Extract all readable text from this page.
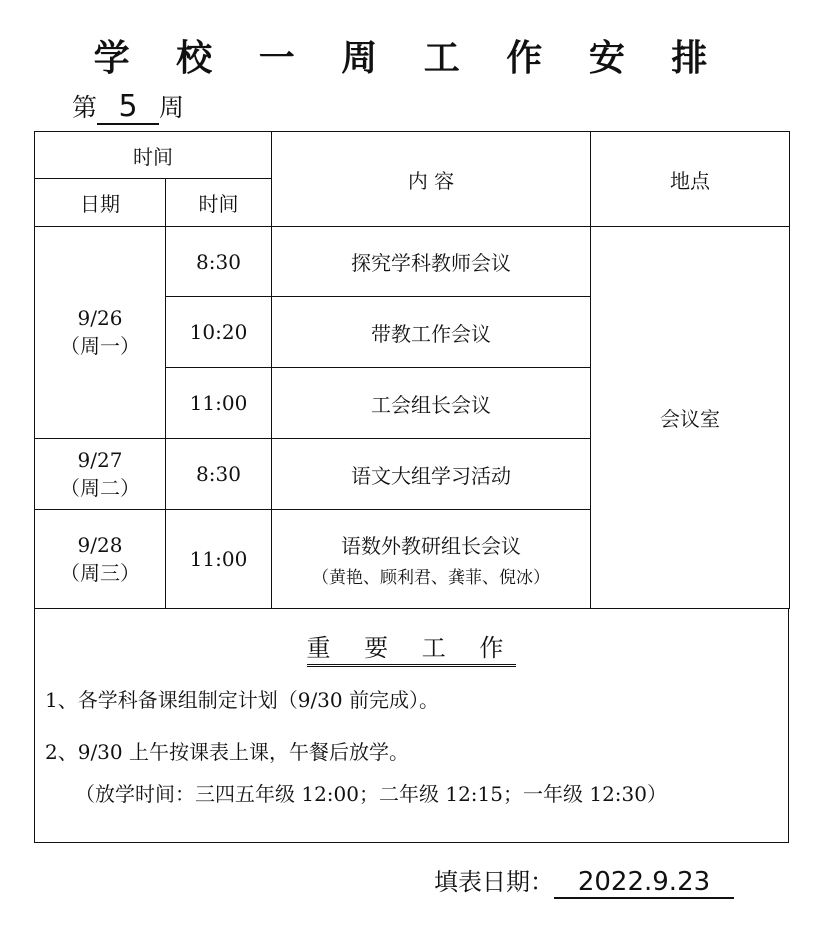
学 校 一 周 工 作 安 排
第 5 周
时间		内 容	地点
日期	时间		
9/26
（周一）	8:30	探究学科教师会议	会议室
	10:20	带教工作会议	
	11:00	工会组长会议	
9/27
（周二）	8:30	语文大组学习活动	
9/28
（周三）	11:00	语数外教研组长会议
（黄艳、顾利君、龚菲、倪冰）	
重 要 工 作
1、各学科备课组制定计划（9/30 前完成）。
2、9/30 上午按课表上课，午餐后放学。
（放学时间：三四五年级 12:00；二年级 12:15；一年级 12:30）
填表日期： 2022.9.23
